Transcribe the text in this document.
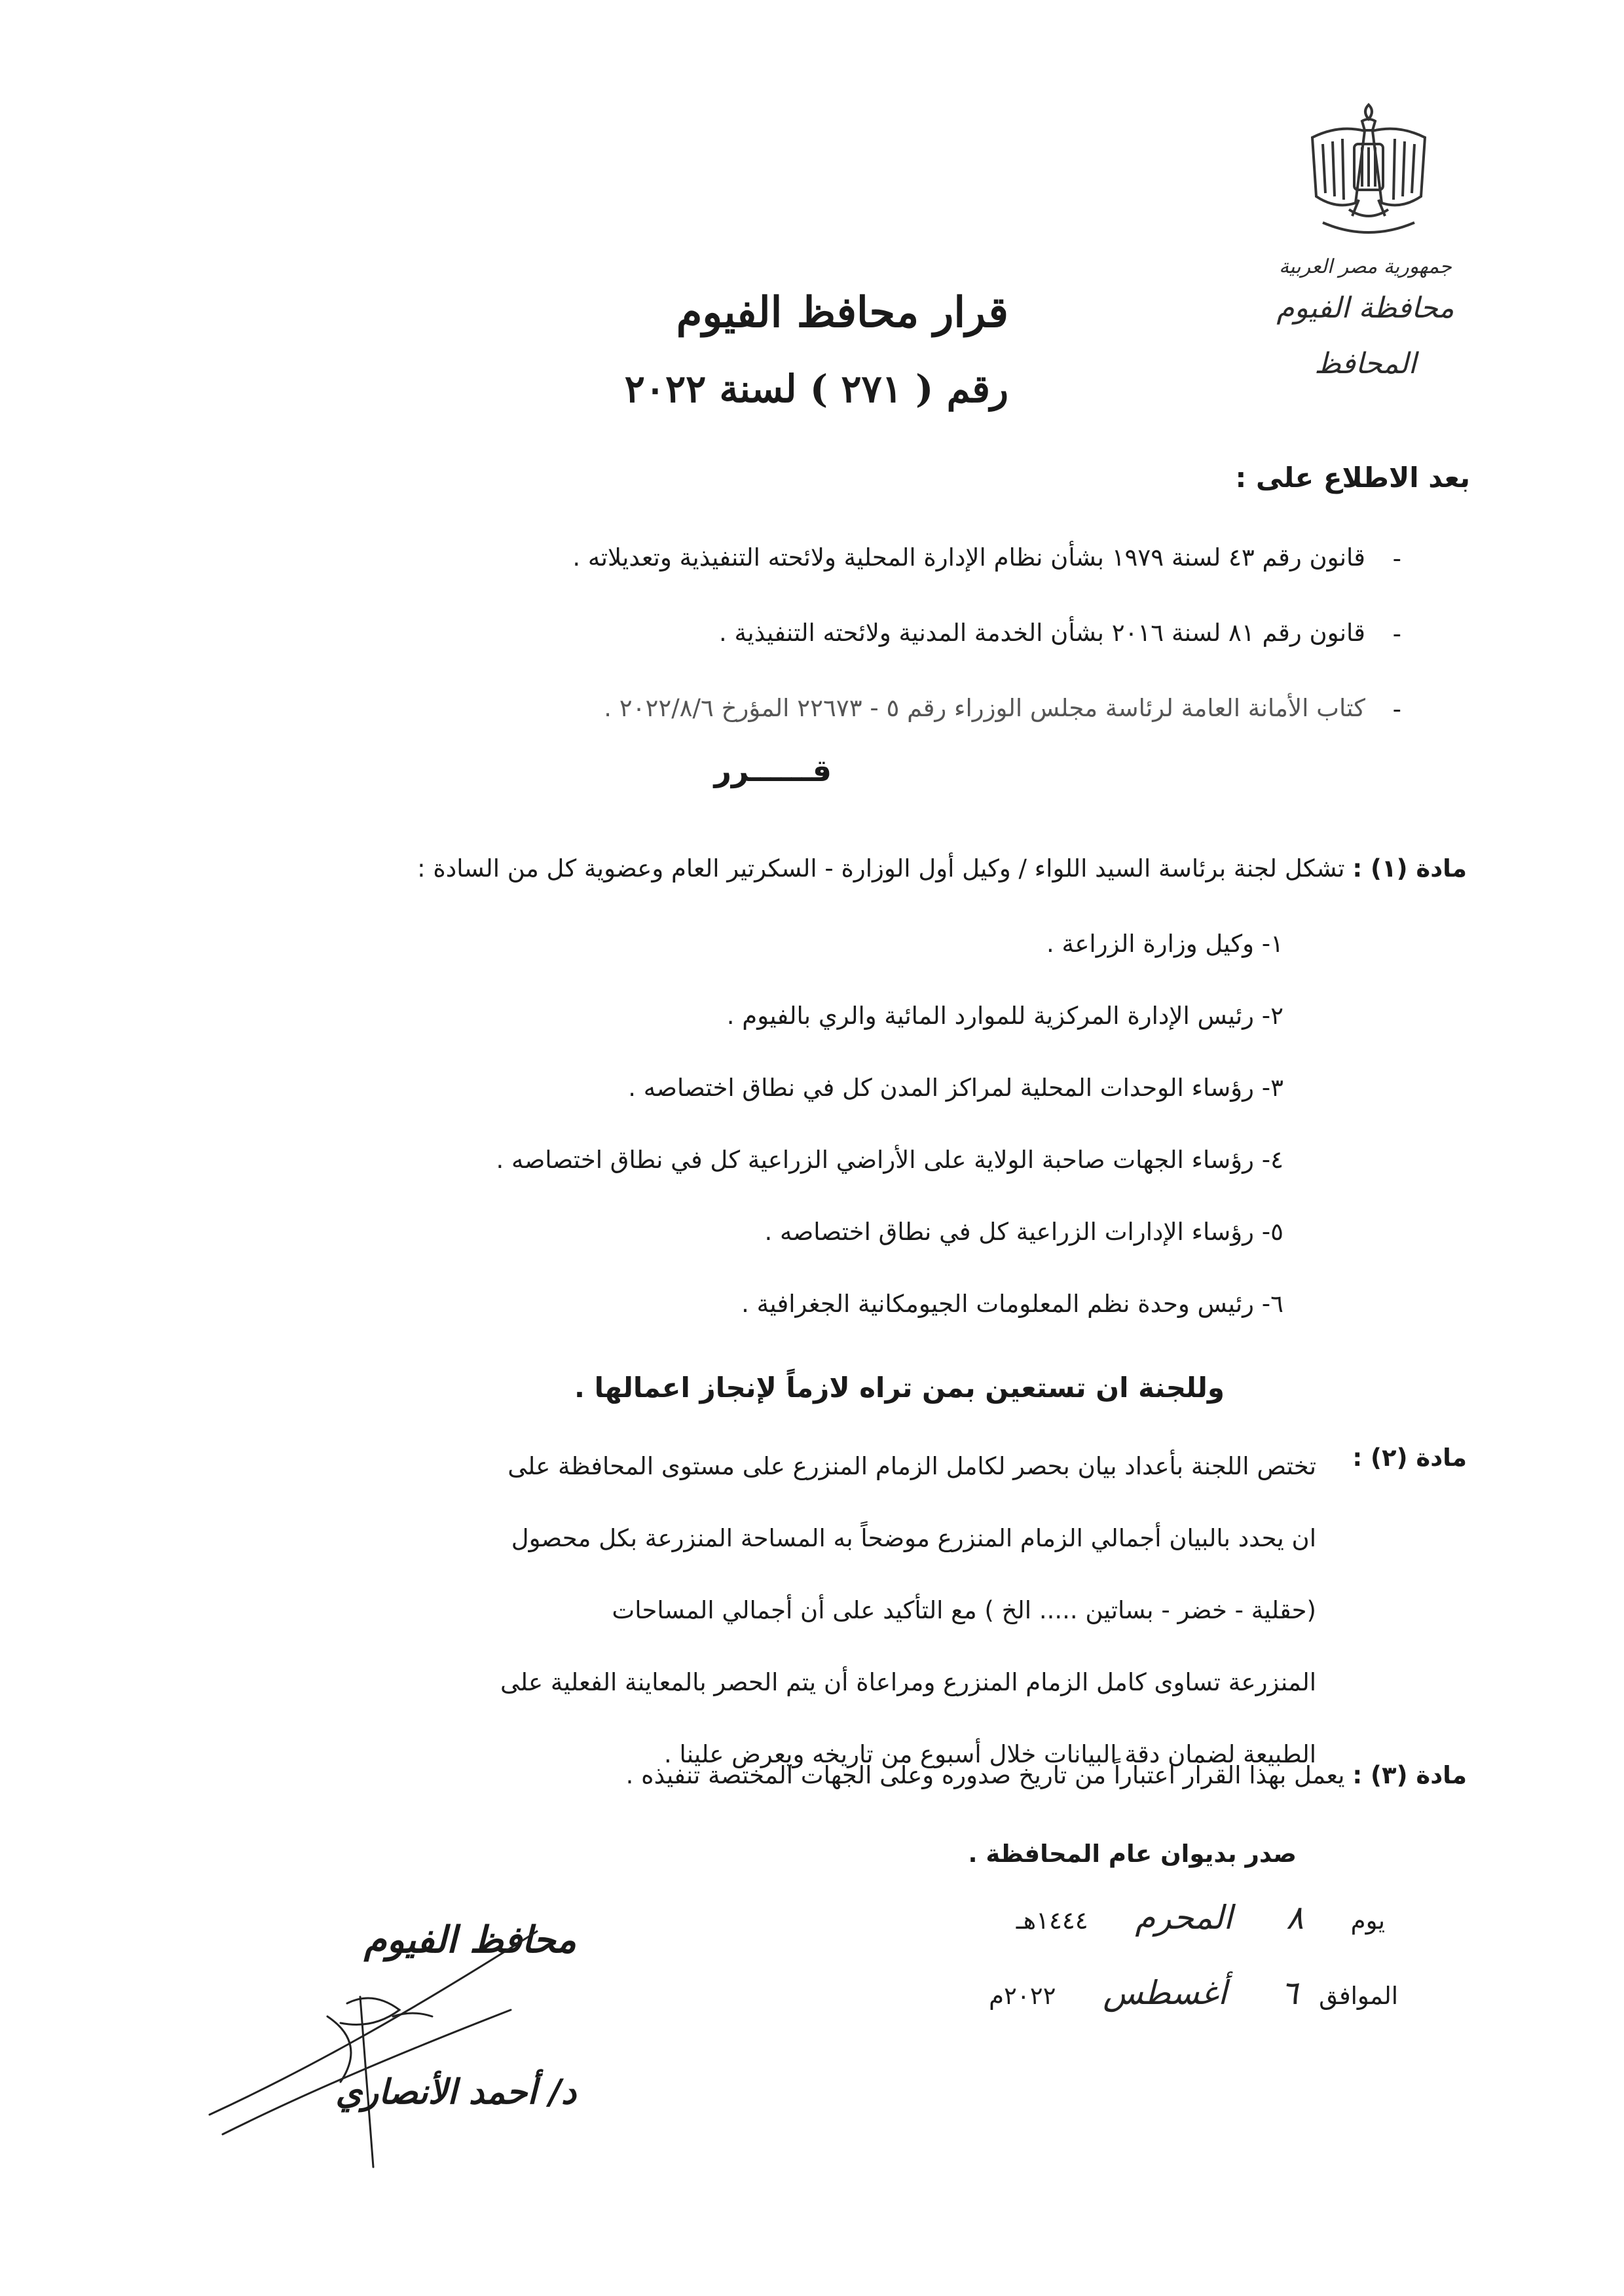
جمهورية مصر العربية
محافظة الفيوم
المحافظ
قرار محافظ الفيوم
رقم ( ٢٧١ ) لسنة ٢٠٢٢
بعد الاطلاع على :
-
قانون رقم ٤٣ لسنة ١٩٧٩ بشأن نظام الإدارة المحلية ولائحته التنفيذية وتعديلاته .
-
قانون رقم ٨١ لسنة ٢٠١٦ بشأن الخدمة المدنية ولائحته التنفيذية .
-
كتاب الأمانة العامة لرئاسة مجلس الوزراء رقم ٥ - ٢٢٦٧٣ المؤرخ ٢٠٢٢/٨/٦ .
قــــــرر
مادة (١) : تشكل لجنة برئاسة السيد اللواء / وكيل أول الوزارة - السكرتير العام وعضوية كل من السادة :
١- وكيل وزارة الزراعة .
٢- رئيس الإدارة المركزية للموارد المائية والري بالفيوم .
٣- رؤساء الوحدات المحلية لمراكز المدن كل في نطاق اختصاصه .
٤- رؤساء الجهات صاحبة الولاية على الأراضي الزراعية كل في نطاق اختصاصه .
٥- رؤساء الإدارات الزراعية كل في نطاق اختصاصه .
٦- رئيس وحدة نظم المعلومات الجيومكانية الجغرافية .
وللجنة ان تستعين بمن تراه لازماً لإنجاز اعمالها .
مادة (٢) :
تختص اللجنة بأعداد بيان بحصر لكامل الزمام المنزرع على مستوى المحافظة على
ان يحدد بالبيان أجمالي الزمام المنزرع موضحاً به المساحة المنزرعة بكل محصول
(حقلية - خضر - بساتين ..... الخ ) مع التأكيد على أن أجمالي المساحات
المنزرعة تساوى كامل الزمام المنزرع ومراعاة أن يتم الحصر بالمعاينة الفعلية على
الطبيعة لضمان دقة البيانات خلال أسبوع من تاريخه ويعرض علينا .
مادة (٣) : يعمل بهذا القرار اعتباراً من تاريخ صدوره وعلى الجهات المختصة تنفيذه .
صدر بديوان عام المحافظة .
يوم ٨ المحرم ١٤٤٤هـ
الموافق ٦ أغسطس ٢٠٢٢م
محافظ الفيوم
د/ أحمد الأنصاري
